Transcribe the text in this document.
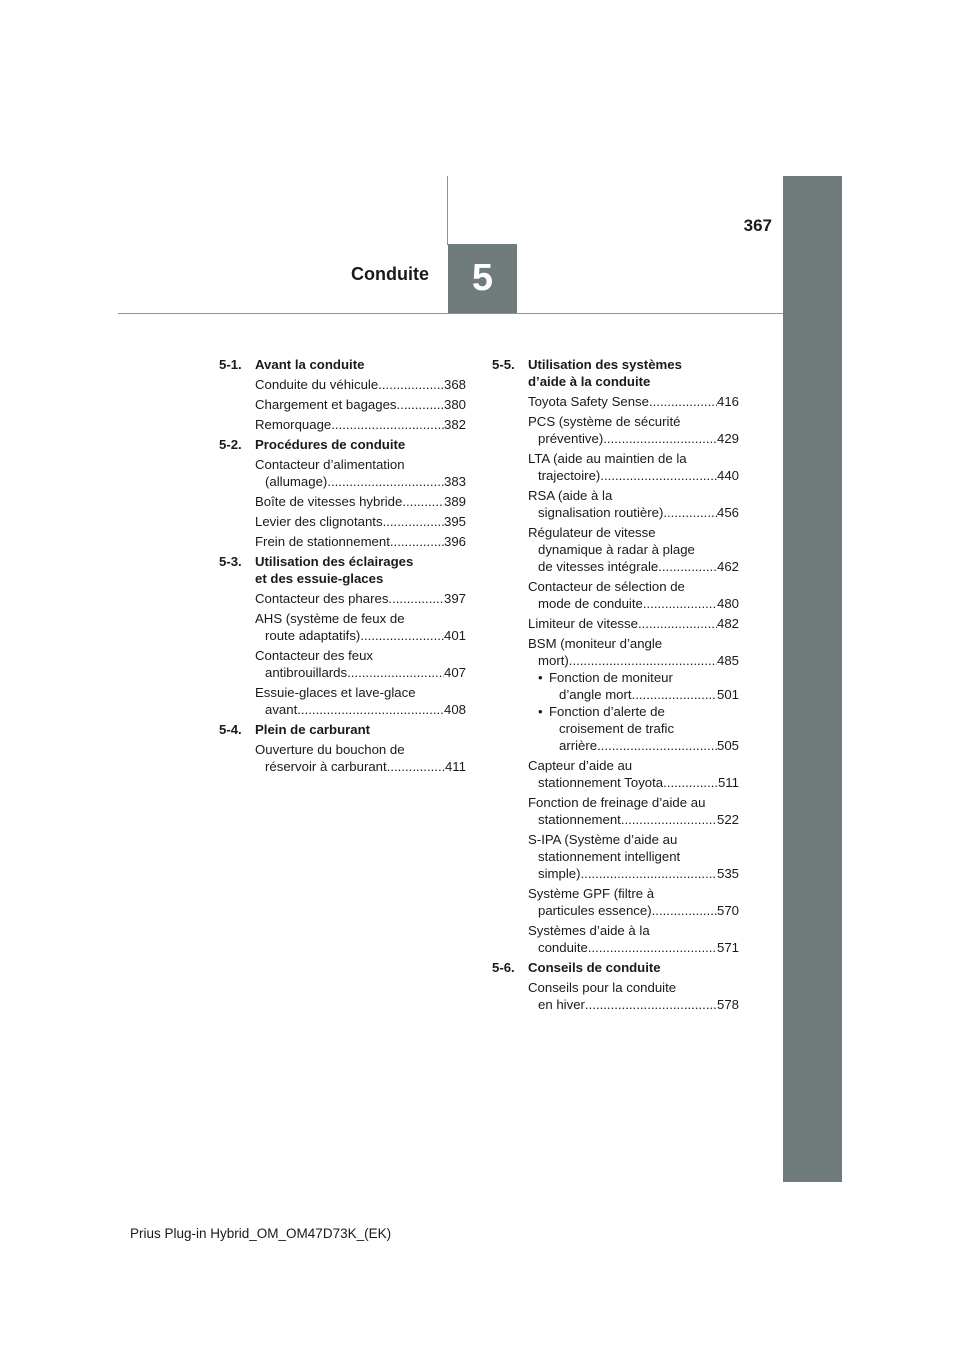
367
Conduite 5
5-1. Avant la conduite
Conduite du véhicule .....	368
Chargement et bagages .....	380
Remorquage .....	382
5-2. Procédures de conduite
Contacteur d’alimentation
(allumage) .....	383
Boîte de vitesses hybride .....	389
Levier des clignotants .....	395
Frein de stationnement .....	396
5-3. Utilisation des éclairages
et des essuie-glaces
Contacteur des phares .....	397
AHS (système de feux de
route adaptatifs) .....	401
Contacteur des feux
antibrouillards .....	407
Essuie-glaces et lave-glace
avant .....	408
5-4. Plein de carburant
Ouverture du bouchon de
réservoir à carburant .....	411
5-5. Utilisation des systèmes
d’aide à la conduite
Toyota Safety Sense .....	416
PCS (système de sécurité
préventive) .....	429
LTA (aide au maintien de la
trajectoire) .....	440
RSA (aide à la
signalisation routière) .....	456
Régulateur de vitesse
dynamique à radar à plage
de vitesses intégrale .....	462
Contacteur de sélection de
mode de conduite .....	480
Limiteur de vitesse .....	482
BSM (moniteur d’angle
mort) .....	485
• Fonction de moniteur
d’angle mort. .....	501
• Fonction d’alerte de
croisement de trafic
arrière .....	505
Capteur d’aide au
stationnement Toyota .....	511
Fonction de freinage d’aide au
stationnement .....	522
S-IPA (Système d’aide au
stationnement intelligent
simple) .....	535
Système GPF (filtre à
particules essence) .....	570
Systèmes d’aide à la
conduite .....	571
5-6. Conseils de conduite
Conseils pour la conduite
en hiver .....	578
Prius Plug-in Hybrid_OM_OM47D73K_(EK)
